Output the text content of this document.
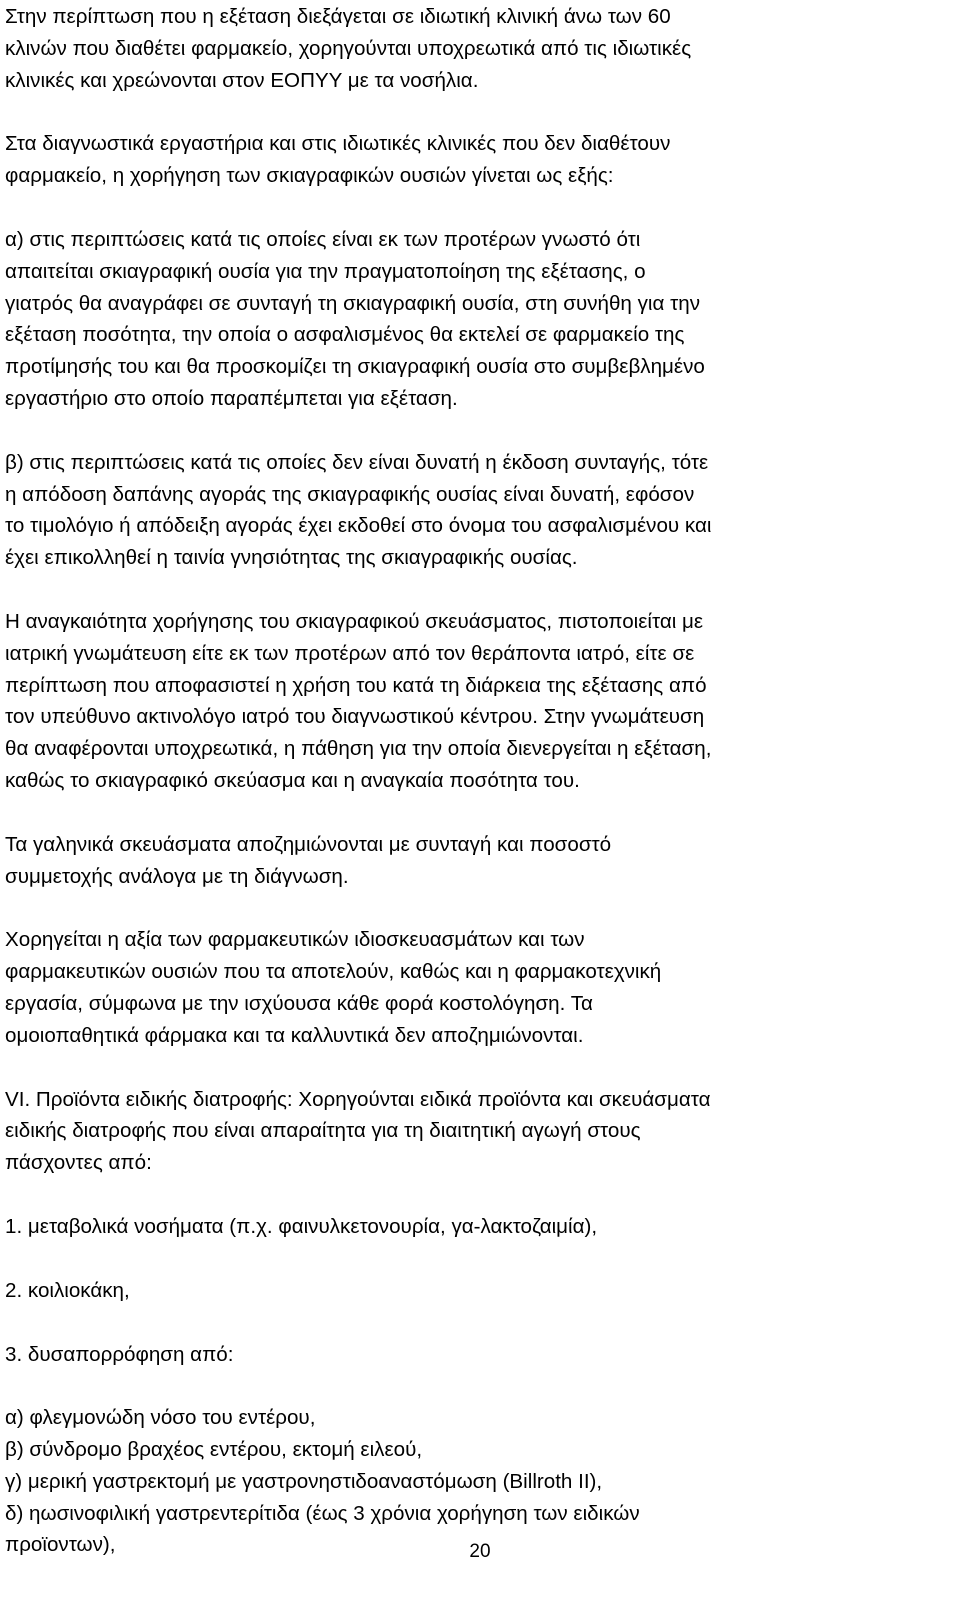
Στην περίπτωση που η εξέταση διεξάγεται σε ιδιωτική κλινική άνω των 60
κλινών που διαθέτει φαρμακείο, χορηγούνται υποχρεωτικά από τις ιδιωτικές
κλινικές και χρεώνονται στον ΕΟΠΥΥ με τα νοσήλια.

Στα διαγνωστικά εργαστήρια και στις ιδιωτικές κλινικές που δεν διαθέτουν
φαρμακείο, η χορήγηση των σκιαγραφικών ουσιών γίνεται ως εξής:

α) στις περιπτώσεις κατά τις οποίες είναι εκ των προτέρων γνωστό ότι
απαιτείται σκιαγραφική ουσία για την πραγματοποίηση της εξέτασης, ο
γιατρός θα αναγράφει σε συνταγή τη σκιαγραφική ουσία, στη συνήθη για την
εξέταση ποσότητα, την οποία ο ασφαλισμένος θα εκτελεί σε φαρμακείο της
προτίμησής του και θα προσκομίζει τη σκιαγραφική ουσία στο συμβεβλημένο
εργαστήριο στο οποίο παραπέμπεται για εξέταση.

β) στις περιπτώσεις κατά τις οποίες δεν είναι δυνατή η έκδοση συνταγής, τότε
η απόδοση δαπάνης αγοράς της σκιαγραφικής ουσίας είναι δυνατή, εφόσον
το τιμολόγιο ή απόδειξη αγοράς έχει εκδοθεί στο όνομα του ασφαλισμένου και
έχει επικολληθεί η ταινία γνησιότητας της σκιαγραφικής ουσίας.

Η αναγκαιότητα χορήγησης του σκιαγραφικού σκευάσματος, πιστοποιείται με
ιατρική γνωμάτευση είτε εκ των προτέρων από τον θεράποντα ιατρό, είτε σε
περίπτωση που αποφασιστεί η χρήση του κατά τη διάρκεια της εξέτασης από
τον υπεύθυνο ακτινολόγο ιατρό του διαγνωστικού κέντρου. Στην γνωμάτευση
θα αναφέρονται υποχρεωτικά, η πάθηση για την οποία διενεργείται η εξέταση,
καθώς το σκιαγραφικό σκεύασμα και η αναγκαία ποσότητα του.

Τα γαληνικά σκευάσματα αποζημιώνονται με συνταγή και ποσοστό
συμμετοχής ανάλογα με τη διάγνωση.

Χορηγείται η αξία των φαρμακευτικών ιδιοσκευασμάτων και των
φαρμακευτικών ουσιών που τα αποτελούν, καθώς και η φαρμακοτεχνική
εργασία, σύμφωνα με την ισχύουσα κάθε φορά κοστολόγηση. Τα
ομοιοπαθητικά φάρμακα και τα καλλυντικά δεν αποζημιώνονται.

VI. Προϊόντα ειδικής διατροφής: Χορηγούνται ειδικά προϊόντα και σκευάσματα
ειδικής διατροφής που είναι απαραίτητα για τη διαιτητική αγωγή στους
πάσχοντες από:

1. μεταβολικά νοσήματα (π.χ. φαινυλκετονουρία, γα-λακτοζαιμία),

2. κοιλιοκάκη,

3. δυσαπορρόφηση από:

α) φλεγμονώδη νόσο του εντέρου,
β) σύνδρομο βραχέος εντέρου, εκτομή ειλεού,
γ) μερική γαστρεκτομή με γαστρονηστιδοαναστόμωση (Billroth II),
δ) ηωσινοφιλική γαστρεντερίτιδα (έως 3 χρόνια χορήγηση των ειδικών
προϊοντων),	20
